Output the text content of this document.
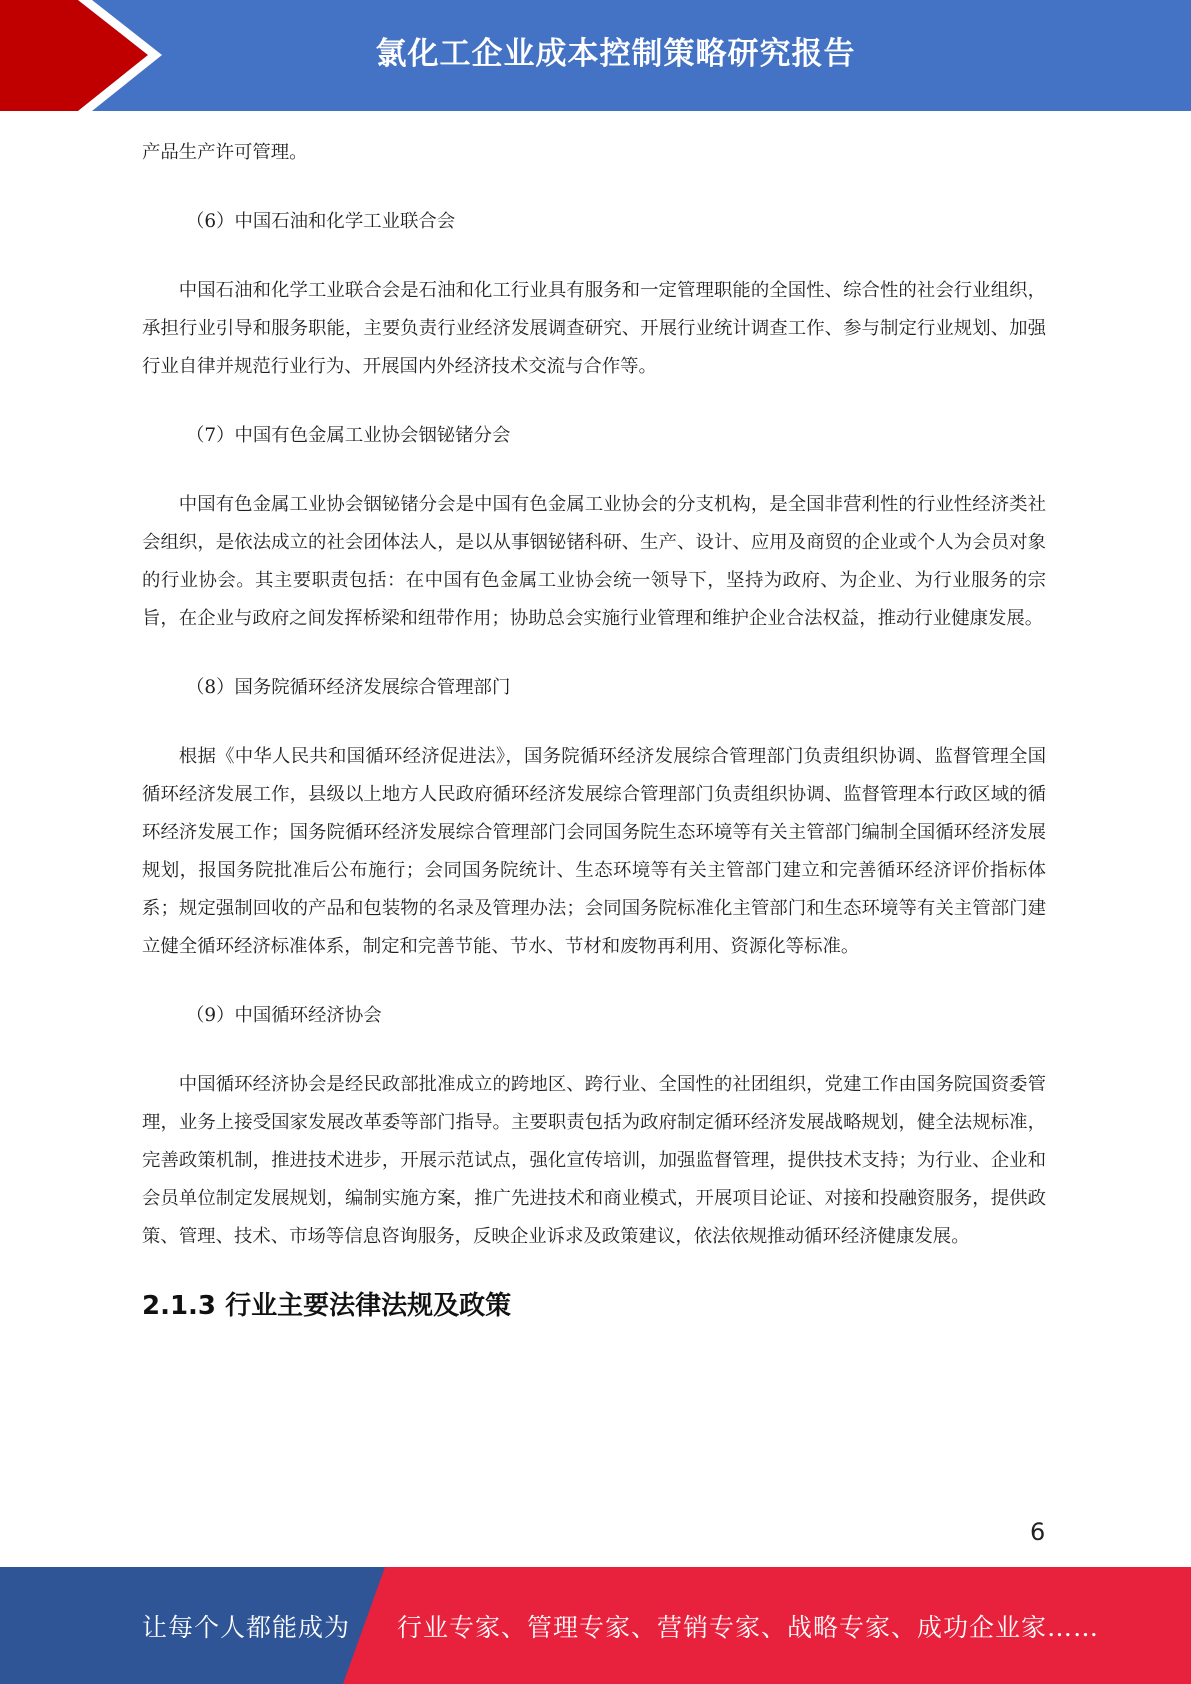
氯化工企业成本控制策略研究报告

产品生产许可管理。

（6）中国石油和化学工业联合会

中国石油和化学工业联合会是石油和化工行业具有服务和一定管理职能的全国性、综合性的社会行业组织，承担行业引导和服务职能，主要负责行业经济发展调查研究、开展行业统计调查工作、参与制定行业规划、加强行业自律并规范行业行为、开展国内外经济技术交流与合作等。

（7）中国有色金属工业协会铟铋锗分会

中国有色金属工业协会铟铋锗分会是中国有色金属工业协会的分支机构，是全国非营利性的行业性经济类社会组织，是依法成立的社会团体法人，是以从事铟铋锗科研、生产、设计、应用及商贸的企业或个人为会员对象的行业协会。其主要职责包括：在中国有色金属工业协会统一领导下，坚持为政府、为企业、为行业服务的宗旨，在企业与政府之间发挥桥梁和纽带作用；协助总会实施行业管理和维护企业合法权益，推动行业健康发展。

（8）国务院循环经济发展综合管理部门

根据《中华人民共和国循环经济促进法》，国务院循环经济发展综合管理部门负责组织协调、监督管理全国循环经济发展工作，县级以上地方人民政府循环经济发展综合管理部门负责组织协调、监督管理本行政区域的循环经济发展工作；国务院循环经济发展综合管理部门会同国务院生态环境等有关主管部门编制全国循环经济发展规划，报国务院批准后公布施行；会同国务院统计、生态环境等有关主管部门建立和完善循环经济评价指标体系；规定强制回收的产品和包装物的名录及管理办法；会同国务院标准化主管部门和生态环境等有关主管部门建立健全循环经济标准体系，制定和完善节能、节水、节材和废物再利用、资源化等标准。

（9）中国循环经济协会

中国循环经济协会是经民政部批准成立的跨地区、跨行业、全国性的社团组织，党建工作由国务院国资委管理，业务上接受国家发展改革委等部门指导。主要职责包括为政府制定循环经济发展战略规划，健全法规标准，完善政策机制，推进技术进步，开展示范试点，强化宣传培训，加强监督管理，提供技术支持；为行业、企业和会员单位制定发展规划，编制实施方案，推广先进技术和商业模式，开展项目论证、对接和投融资服务，提供政策、管理、技术、市场等信息咨询服务，反映企业诉求及政策建议，依法依规推动循环经济健康发展。

2.1.3 行业主要法律法规及政策

6
让每个人都能成为 行业专家、管理专家、营销专家、战略专家、成功企业家……
